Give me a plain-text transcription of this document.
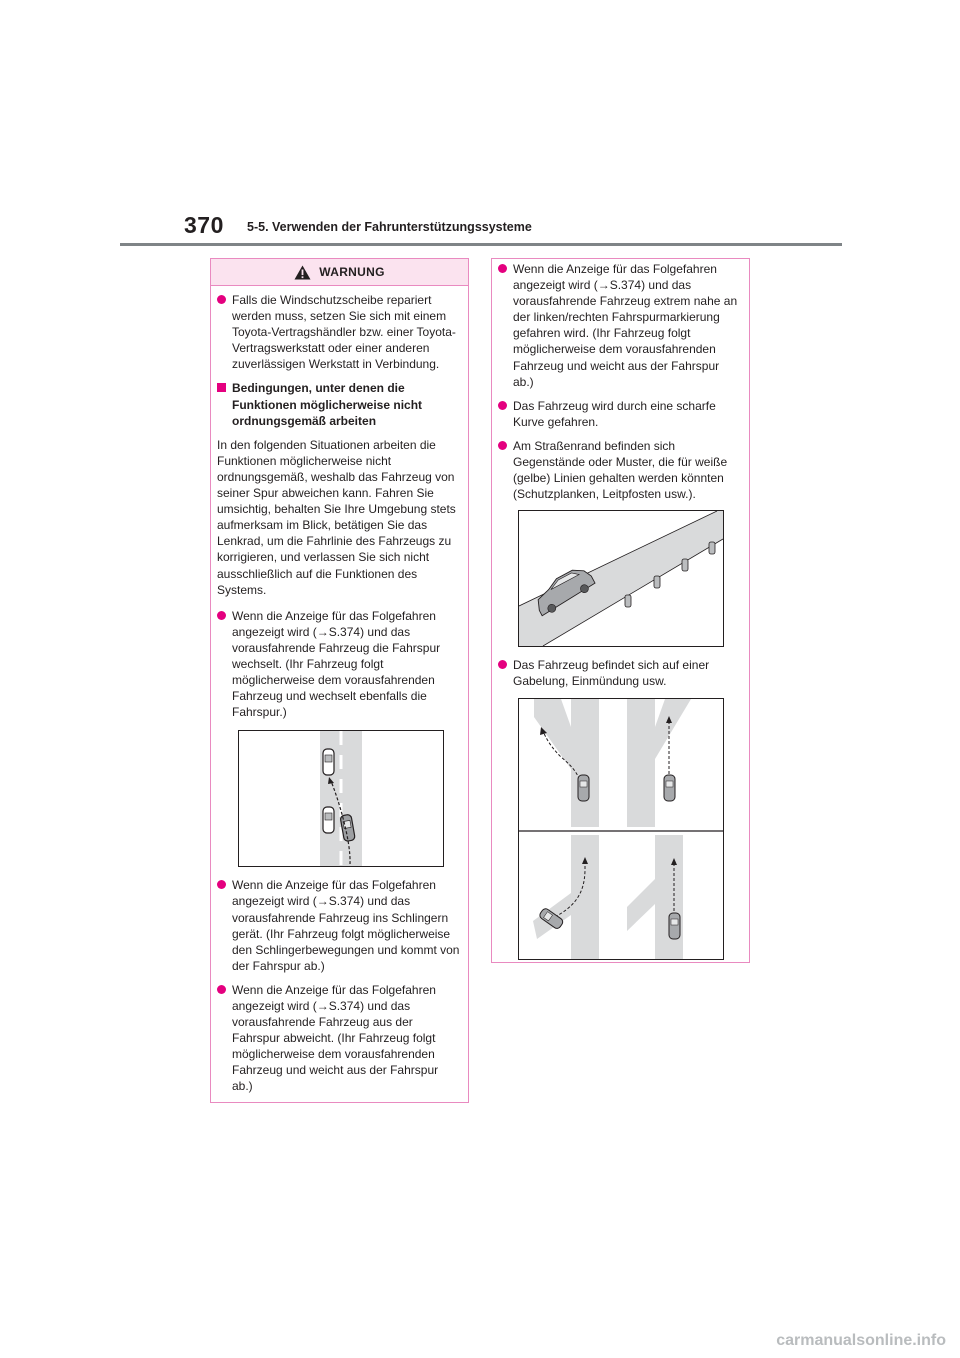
370 5-5. Verwenden der Fahrunterstützungssysteme
WARNUNG
Falls die Windschutzscheibe repariert werden muss, setzen Sie sich mit einem Toyota-Vertragshändler bzw. einer Toyota-Vertragswerkstatt oder einer anderen zuverlässigen Werkstatt in Verbindung.
Bedingungen, unter denen die Funktionen möglicherweise nicht ordnungsgemäß arbeiten

In den folgenden Situationen arbeiten die Funktionen möglicherweise nicht ordnungsgemäß, weshalb das Fahrzeug von seiner Spur abweichen kann. Fahren Sie umsichtig, behalten Sie Ihre Umgebung stets aufmerksam im Blick, betätigen Sie das Lenkrad, um die Fahrlinie des Fahrzeugs zu korrigieren, und verlassen Sie sich nicht ausschließlich auf die Funktionen des Systems.

Wenn die Anzeige für das Folgefahren angezeigt wird (→S.374) und das vorausfahrende Fahrzeug die Fahrspur wechselt. (Ihr Fahrzeug folgt möglicherweise dem vorausfahrenden Fahrzeug und wechselt ebenfalls die Fahrspur.)
Wenn die Anzeige für das Folgefahren angezeigt wird (→S.374) und das vorausfahrende Fahrzeug ins Schlingern gerät. (Ihr Fahrzeug folgt möglicherweise den Schlingerbewegungen und kommt von der Fahrspur ab.)
Wenn die Anzeige für das Folgefahren angezeigt wird (→S.374) und das vorausfahrende Fahrzeug aus der Fahrspur abweicht. (Ihr Fahrzeug folgt möglicherweise dem vorausfahrenden Fahrzeug und weicht aus der Fahrspur ab.)
Wenn die Anzeige für das Folgefahren angezeigt wird (→S.374) und das vorausfahrende Fahrzeug extrem nahe an der linken/rechten Fahrspurmarkierung gefahren wird. (Ihr Fahrzeug folgt möglicherweise dem vorausfahrenden Fahrzeug und weicht aus der Fahrspur ab.)
Das Fahrzeug wird durch eine scharfe Kurve gefahren.
Am Straßenrand befinden sich Gegenstände oder Muster, die für weiße (gelbe) Linien gehalten werden könnten (Schutzplanken, Leitpfosten usw.).
Das Fahrzeug befindet sich auf einer Gabelung, Einmündung usw.
carmanualsonline.info
